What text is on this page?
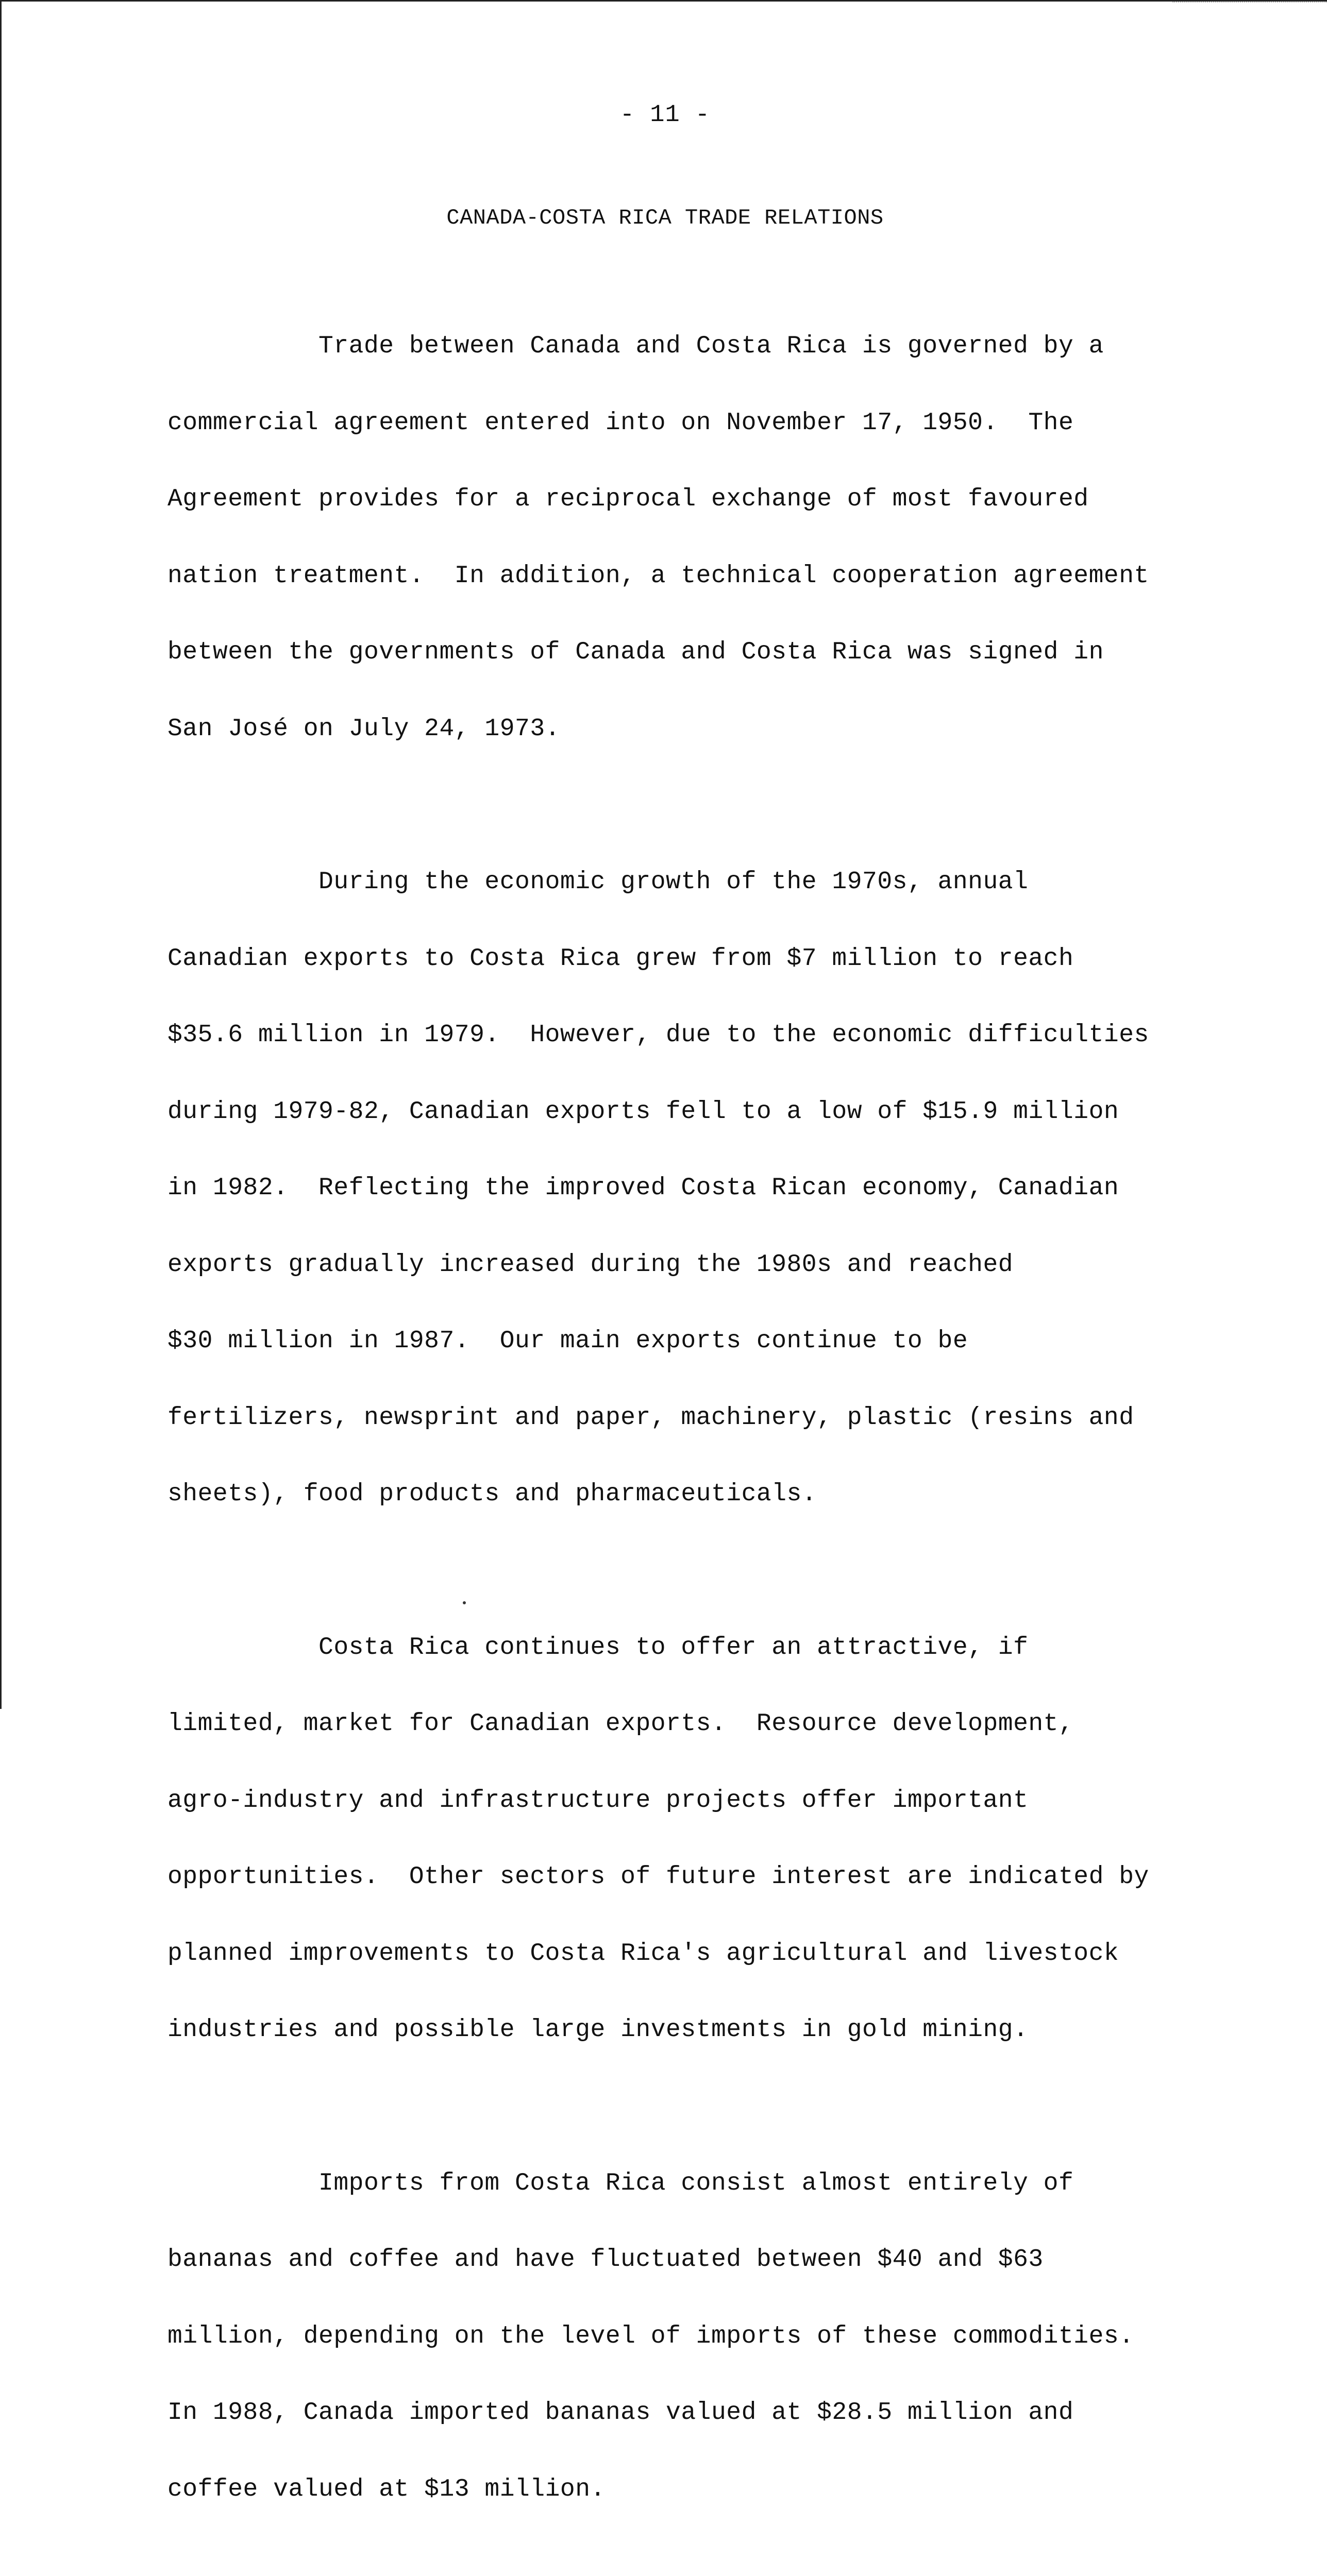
- 11 -
CANADA-COSTA RICA TRADE RELATIONS

Trade between Canada and Costa Rica is governed by a

commercial agreement entered into on November 17, 1950.  The

Agreement provides for a reciprocal exchange of most favoured

nation treatment.  In addition, a technical cooperation agreement

between the governments of Canada and Costa Rica was signed in

San José on July 24, 1973.

During the economic growth of the 1970s, annual

Canadian exports to Costa Rica grew from $7 million to reach

$35.6 million in 1979.  However, due to the economic difficulties

during 1979-82, Canadian exports fell to a low of $15.9 million

in 1982.  Reflecting the improved Costa Rican economy, Canadian

exports gradually increased during the 1980s and reached

$30 million in 1987.  Our main exports continue to be

fertilizers, newsprint and paper, machinery, plastic (resins and

sheets), food products and pharmaceuticals.

Costa Rica continues to offer an attractive, if

limited, market for Canadian exports.  Resource development,

agro-industry and infrastructure projects offer important

opportunities.  Other sectors of future interest are indicated by

planned improvements to Costa Rica's agricultural and livestock

industries and possible large investments in gold mining.

Imports from Costa Rica consist almost entirely of

bananas and coffee and have fluctuated between $40 and $63

million, depending on the level of imports of these commodities.

In 1988, Canada imported bananas valued at $28.5 million and

coffee valued at $13 million.
